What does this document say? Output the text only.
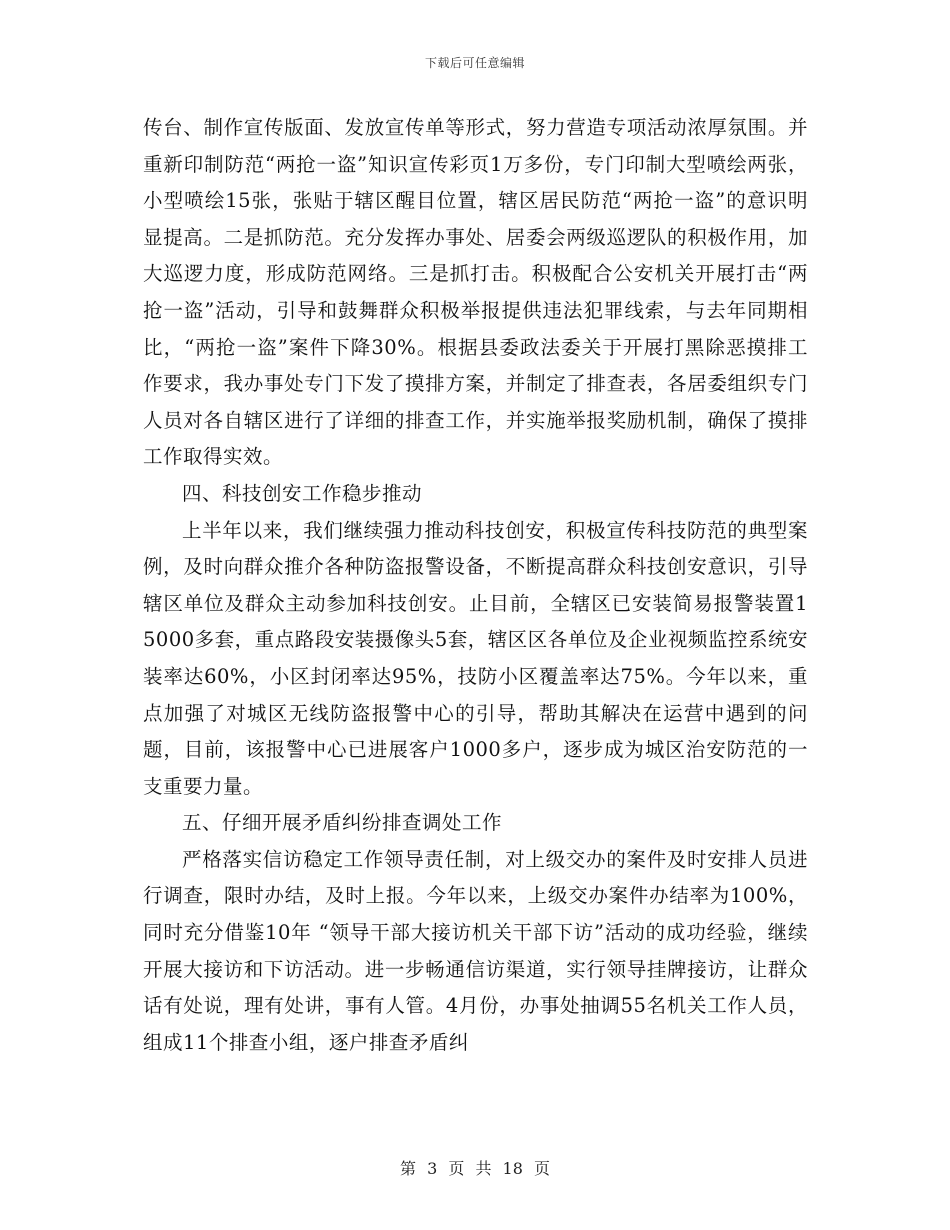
下载后可任意编辑

传台、制作宣传版面、发放宣传单等形式，努力营造专项活动浓厚氛围。并重新印制防范“两抢一盗”知识宣传彩页1万多份，专门印制大型喷绘两张，小型喷绘15张，张贴于辖区醒目位置，辖区居民防范“两抢一盗”的意识明显提高。二是抓防范。充分发挥办事处、居委会两级巡逻队的积极作用，加大巡逻力度，形成防范网络。三是抓打击。积极配合公安机关开展打击“两抢一盗”活动，引导和鼓舞群众积极举报提供违法犯罪线索，与去年同期相比，“两抢一盗”案件下降30%。根据县委政法委关于开展打黑除恶摸排工作要求，我办事处专门下发了摸排方案，并制定了排查表，各居委组织专门人员对各自辖区进行了详细的排查工作，并实施举报奖励机制，确保了摸排工作取得实效。

四、科技创安工作稳步推动

上半年以来，我们继续强力推动科技创安，积极宣传科技防范的典型案例，及时向群众推介各种防盗报警设备，不断提高群众科技创安意识，引导辖区单位及群众主动参加科技创安。止目前，全辖区已安装简易报警装置15000多套，重点路段安装摄像头5套，辖区区各单位及企业视频监控系统安装率达60%，小区封闭率达95%，技防小区覆盖率达75%。今年以来，重点加强了对城区无线防盗报警中心的引导，帮助其解决在运营中遇到的问题，目前，该报警中心已进展客户1000多户，逐步成为城区治安防范的一支重要力量。

五、仔细开展矛盾纠纷排查调处工作

严格落实信访稳定工作领导责任制，对上级交办的案件及时安排人员进行调查，限时办结，及时上报。今年以来，上级交办案件办结率为100%，同时充分借鉴10年 “领导干部大接访机关干部下访”活动的成功经验，继续开展大接访和下访活动。进一步畅通信访渠道，实行领导挂牌接访，让群众话有处说，理有处讲，事有人管。4月份，办事处抽调55名机关工作人员，组成11个排查小组，逐户排查矛盾纠

第 3 页 共 18 页
